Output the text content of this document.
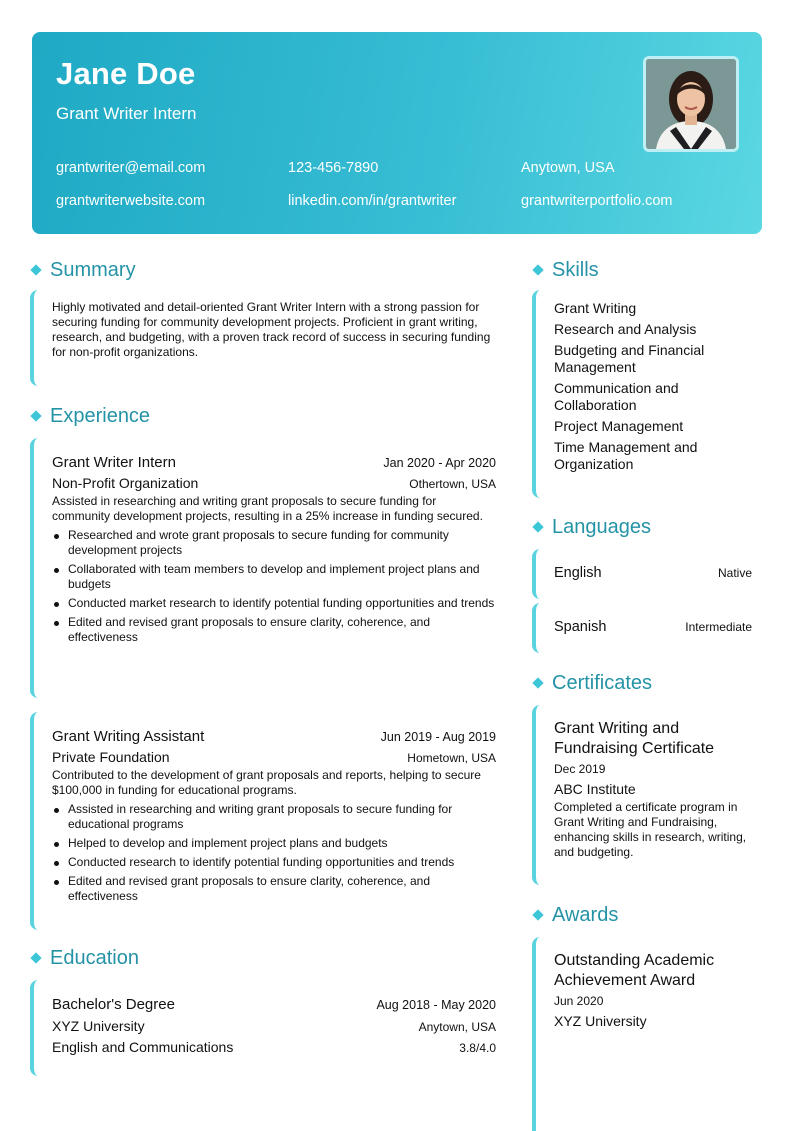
Jane Doe
Grant Writer Intern
grantwriter@email.com	123-456-7890	Anytown, USA
grantwriterwebsite.com	linkedin.com/in/grantwriter	grantwriterportfolio.com
Summary
Highly motivated and detail-oriented Grant Writer Intern with a strong passion for securing funding for community development projects. Proficient in grant writing, research, and budgeting, with a proven track record of success in securing funding for non-profit organizations.
Experience
Grant Writer Intern	Jan 2020 - Apr 2020
Non-Profit Organization	Othertown, USA
Assisted in researching and writing grant proposals to secure funding for community development projects, resulting in a 25% increase in funding secured.
Researched and wrote grant proposals to secure funding for community development projects
Collaborated with team members to develop and implement project plans and budgets
Conducted market research to identify potential funding opportunities and trends
Edited and revised grant proposals to ensure clarity, coherence, and effectiveness
Grant Writing Assistant	Jun 2019 - Aug 2019
Private Foundation	Hometown, USA
Contributed to the development of grant proposals and reports, helping to secure $100,000 in funding for educational programs.
Assisted in researching and writing grant proposals to secure funding for educational programs
Helped to develop and implement project plans and budgets
Conducted research to identify potential funding opportunities and trends
Edited and revised grant proposals to ensure clarity, coherence, and effectiveness
Education
Bachelor's Degree	Aug 2018 - May 2020
XYZ University	Anytown, USA
English and Communications	3.8/4.0
Skills
Grant Writing
Research and Analysis
Budgeting and Financial Management
Communication and Collaboration
Project Management
Time Management and Organization
Languages
English	Native
Spanish	Intermediate
Certificates
Grant Writing and Fundraising Certificate
Dec 2019
ABC Institute
Completed a certificate program in Grant Writing and Fundraising, enhancing skills in research, writing, and budgeting.
Awards
Outstanding Academic Achievement Award
Jun 2020
XYZ University
